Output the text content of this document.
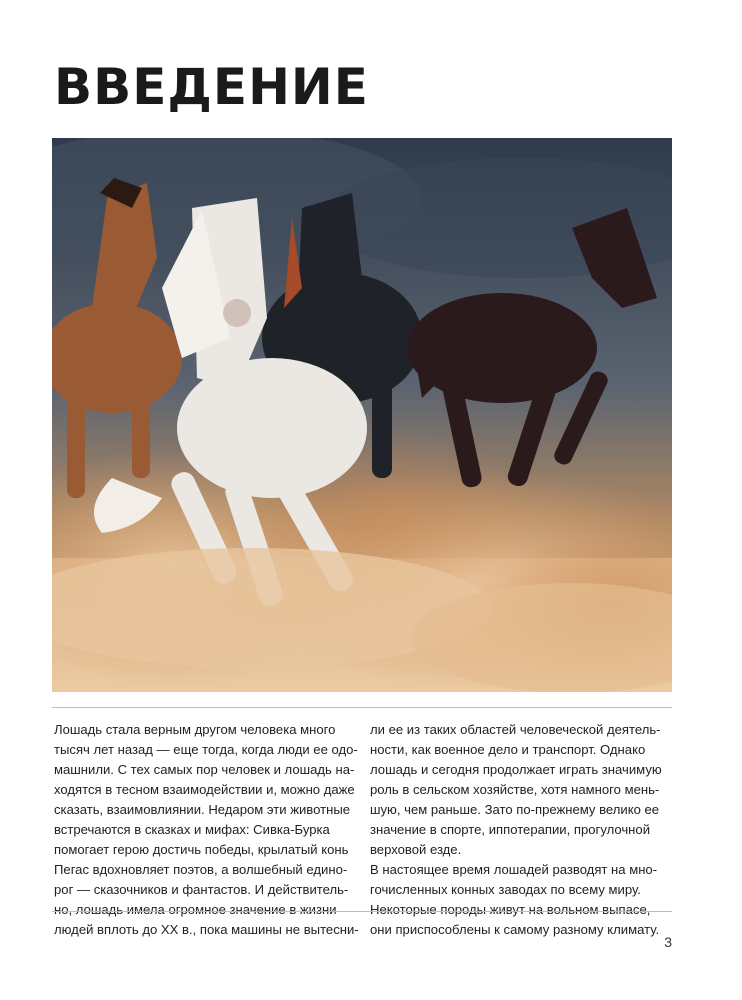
ВВЕДЕНИЕ
Лошадь стала верным другом человека много
тысяч лет назад — еще тогда, когда люди ее одо-
машнили. С тех самых пор человек и лошадь на-
ходятся в тесном взаимодействии и, можно даже
сказать, взаимовлиянии. Недаром эти животные
встречаются в сказках и мифах: Сивка-Бурка
помогает герою достичь победы, крылатый конь
Пегас вдохновляет поэтов, а волшебный едино-
рог — сказочников и фантастов. И действитель-
но, лошадь имела огромное значение в жизни
людей вплоть до ХХ в., пока машины не вытесни-
ли ее из таких областей человеческой деятель-
ности, как военное дело и транспорт. Однако
лошадь и сегодня продолжает играть значимую
роль в сельском хозяйстве, хотя намного мень-
шую, чем раньше. Зато по-прежнему велико ее
значение в спорте, иппотерапии, прогулочной
верховой езде.
В настоящее время лошадей разводят на мно-
гочисленных конных заводах по всему миру.
Некоторые породы живут на вольном выпасе,
они приспособлены к самому разному климату.
3
